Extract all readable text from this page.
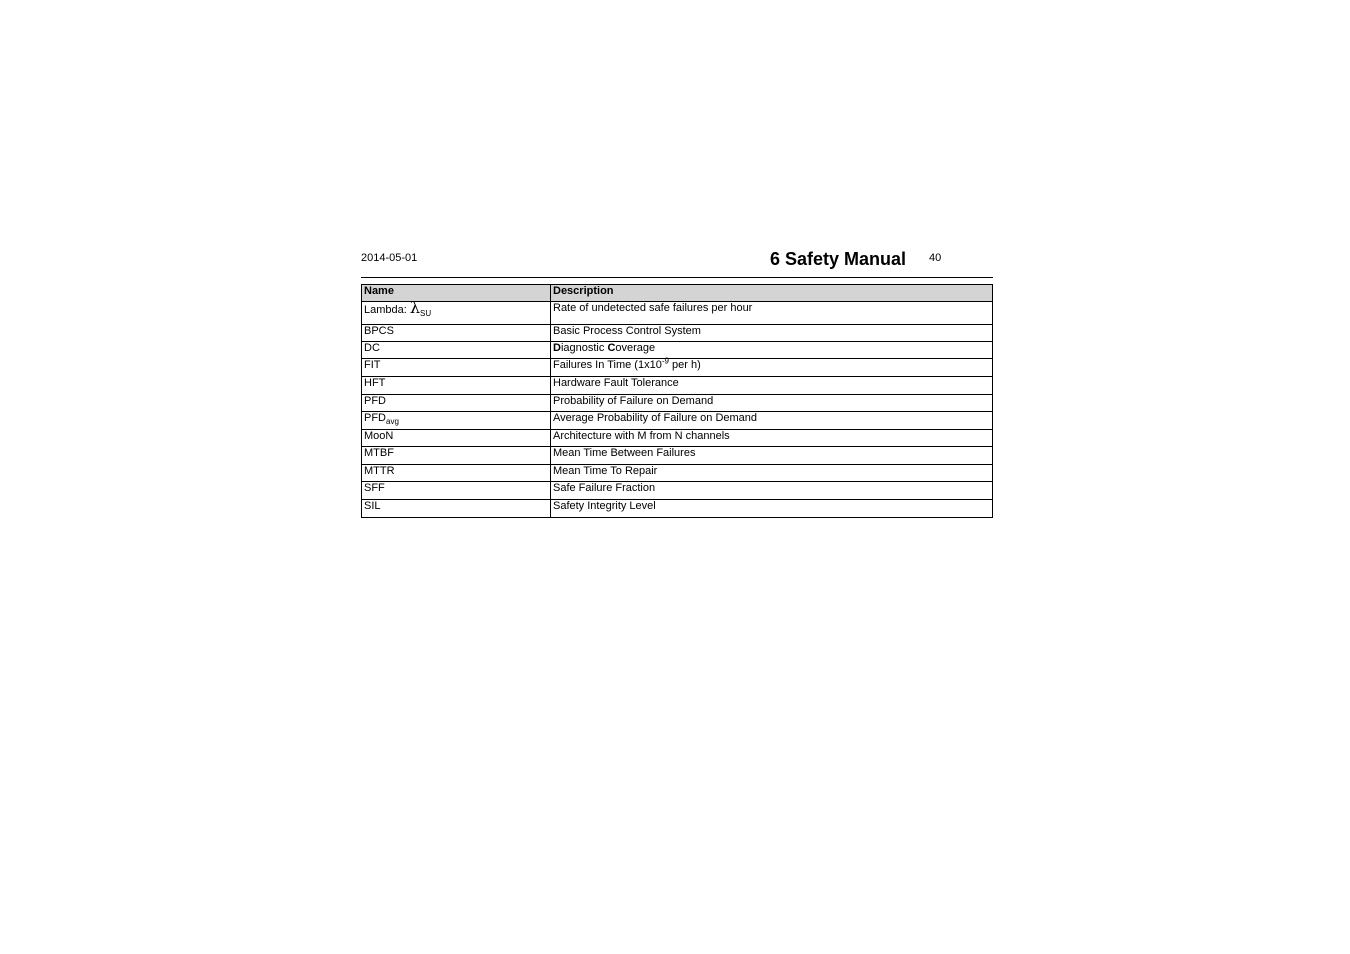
2014-05-01	6 Safety Manual 40
Name	Description
Lambda: $\lambda_{SU}$	Rate of undetected safe failures per hour
BPCS	Basic Process Control System
DC	Diagnostic Coverage
FIT	Failures In Time ($1x10^{-9}$ per h)
HFT	Hardware Fault Tolerance
PFD	Probability of Failure on Demand
$PFD_{avg}$	Average Probability of Failure on Demand
MooN	Architecture with M from N channels
MTBF	Mean Time Between Failures
MTTR	Mean Time To Repair
SFF	Safe Failure Fraction
SIL	Safety Integrity Level
